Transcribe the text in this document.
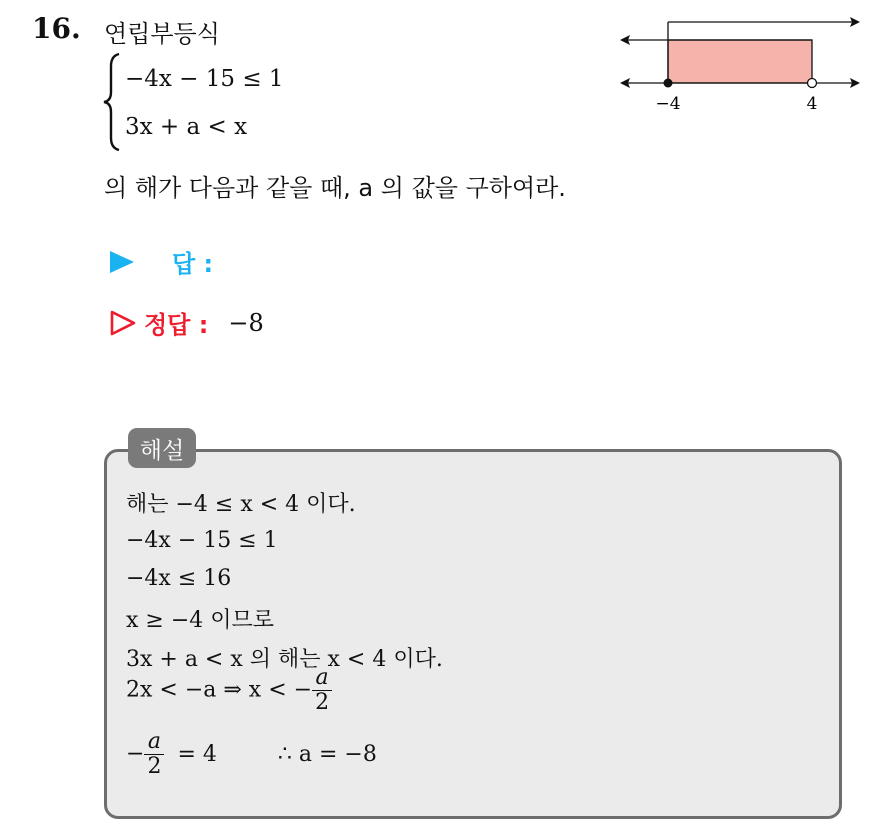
16. 연립부등식
−4x − 15 ≤ 1
3x + a < x
의 해가 다음과 같을 때, a 의 값을 구하여라.
−4	4
답 :
정답 : −8
해설
해는 −4 ≤ x < 4 이다.
−4x − 15 ≤ 1
−4x ≤ 16
x ≥ −4 이므로
3x + a < x 의 해는 x < 4 이다.
2x < −a ⇒ x < − $\frac{a}{2}$
− $\frac{a}{2} = 4$	∴ a = −8
